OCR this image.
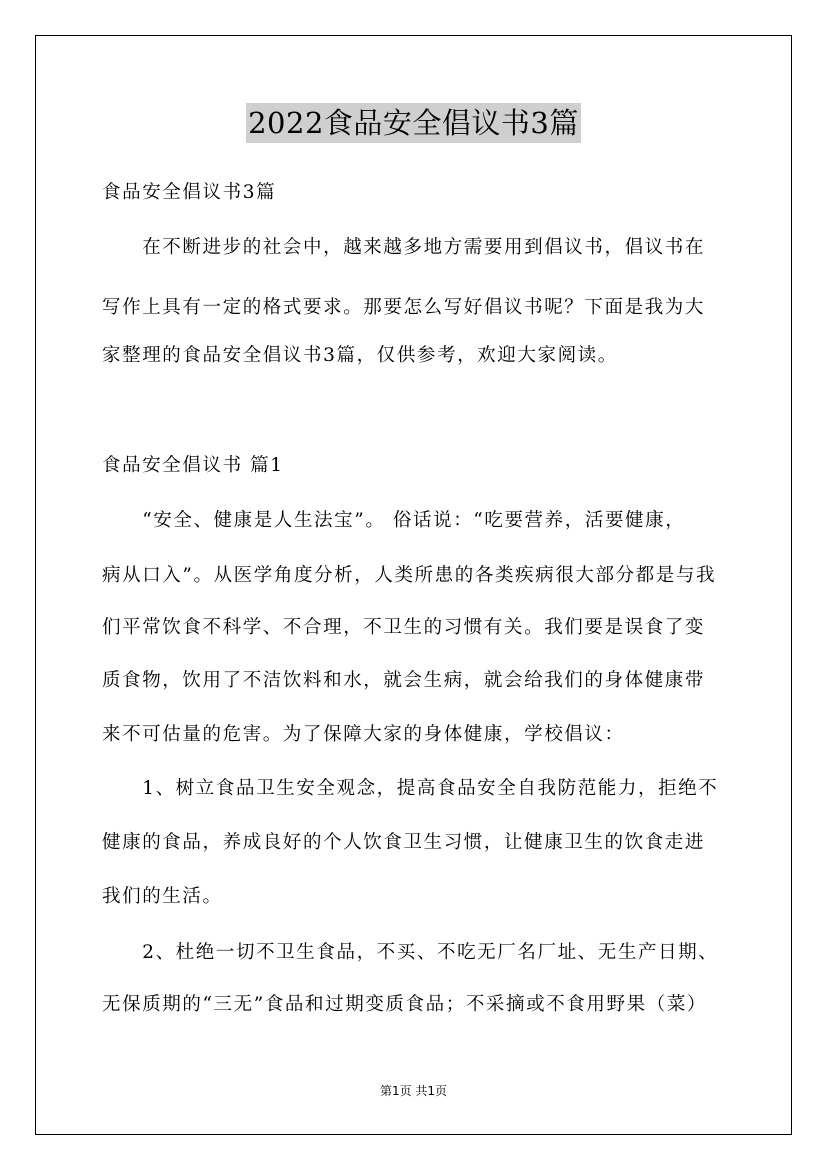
2022食品安全倡议书3篇
食品安全倡议书3篇
　　在不断进步的社会中，越来越多地方需要用到倡议书，倡议书在
写作上具有一定的格式要求。那要怎么写好倡议书呢？下面是我为大
家整理的食品安全倡议书3篇，仅供参考，欢迎大家阅读。
食品安全倡议书 篇1
　　“安全、健康是人生法宝”。 俗话说：“吃要营养，活要健康，
病从口入”。从医学角度分析，人类所患的各类疾病很大部分都是与我
们平常饮食不科学、不合理，不卫生的习惯有关。我们要是误食了变
质食物，饮用了不洁饮料和水，就会生病，就会给我们的身体健康带
来不可估量的危害。为了保障大家的身体健康，学校倡议：
　　1、树立食品卫生安全观念，提高食品安全自我防范能力，拒绝不
健康的食品，养成良好的个人饮食卫生习惯，让健康卫生的饮食走进
我们的生活。
　　2、杜绝一切不卫生食品，不买、不吃无厂名厂址、无生产日期、
无保质期的“三无”食品和过期变质食品；不采摘或不食用野果（菜）
第1页 共1页
